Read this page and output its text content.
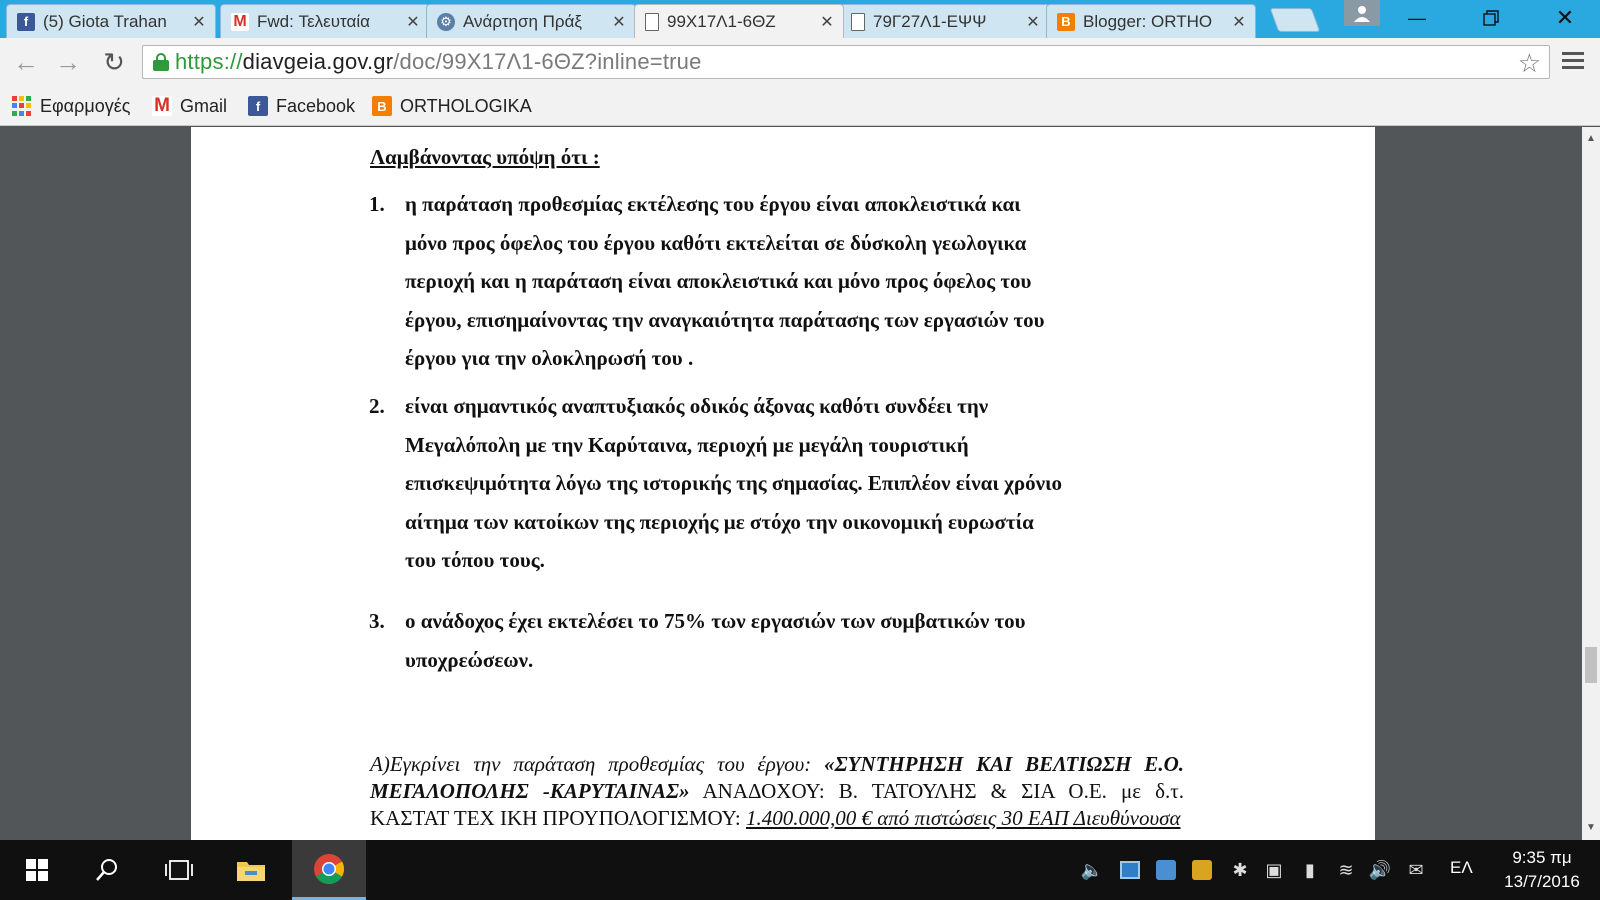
f (5) Giota Trahan	✕ M Fwd: Τελευταία	✕ ⚙ Ανάρτηση Πράξ	✕ 99Χ17Λ1-6ΘΖ	✕ 79Γ27Λ1-ΕΨΨ	✕	B Blogger: ORTHO	✕	—	✕
← → ↻ https://diavgeia.gov.gr/doc/99Χ17Λ1-6ΘΖ?inline=true	☆
Εφαρμογές M Gmail	f Facebook	B ORTHOLOGIKA
Λαμβάνοντας υπόψη ότι :
1. η παράταση προθεσμίας εκτέλεσης του έργου είναι αποκλειστικά και
μόνο προς όφελος του έργου καθότι εκτελείται σε δύσκολη γεωλογικα
περιοχή και η παράταση είναι αποκλειστικά και μόνο προς όφελος του
έργου, επισημαίνοντας την αναγκαιότητα παράτασης των εργασιών του
έργου για την ολοκληρωσή του .
2. είναι σημαντικός αναπτυξιακός οδικός άξονας καθότι συνδέει την
Μεγαλόπολη με την Καρύταινα, περιοχή με μεγάλη τουριστική
επισκεψιμότητα λόγω της ιστορικής της σημασίας. Επιπλέον είναι χρόνιο
αίτημα των κατοίκων της περιοχής με στόχο την οικονομική ευρωστία
του τόπου τους.
3. ο ανάδοχος έχει εκτελέσει το 75% των εργασιών των συμβατικών του
υποχρεώσεων.
Α)Εγκρίνει την παράταση προθεσμίας του έργου: «ΣΥΝΤΗΡΗΣΗ ΚΑΙ ΒΕΛΤΙΩΣΗ Ε.Ο. ΜΕΓΑΛΟΠΟΛΗΣ -ΚΑΡΥΤΑΙΝΑΣ» ΑΝΑΔΟΧΟΥ: Β. ΤΑΤΟΥΛΗΣ & ΣΙΑ Ο.Ε. με δ.τ. ΚΑΣΤΑΤ ΤΕΧ ΙΚΗ ΠΡΟΥΠΟΛΟΓΙΣΜΟΥ: 1.400.000,00 € από πιστώσεις 30 ΕΑΠ Διευθύνουσα
▲
▼
🔈	✱ ▣	▮	≋ 🔊 ✉ ΕΛ
9:35 πμ
13/7/2016
